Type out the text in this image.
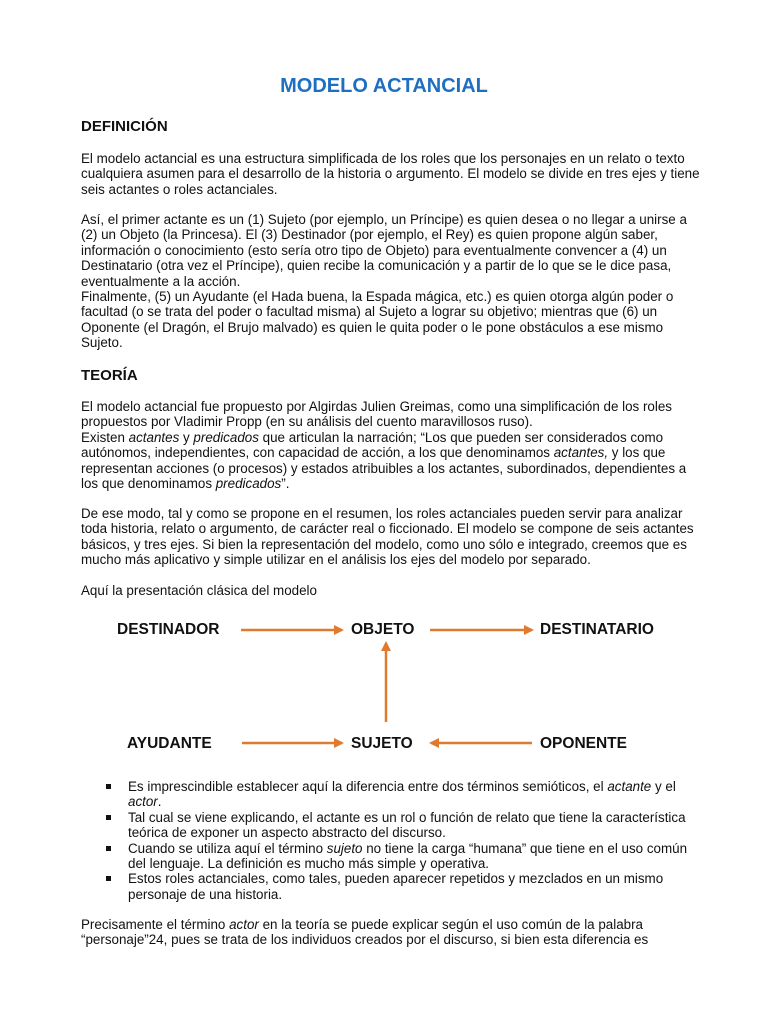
MODELO ACTANCIAL
DEFINICIÓN

El modelo actancial es una estructura simplificada de los roles que los personajes en un relato o texto cualquiera asumen para el desarrollo de la historia o argumento. El modelo se divide en tres ejes y tiene seis actantes o roles actanciales.

Así, el primer actante es un (1) Sujeto (por ejemplo, un Príncipe) es quien desea o no llegar a unirse a (2) un Objeto (la Princesa). El (3) Destinador (por ejemplo, el Rey) es quien propone algún saber, información o conocimiento (esto sería otro tipo de Objeto) para eventualmente convencer a (4) un Destinatario (otra vez el Príncipe), quien recibe la comunicación y a partir de lo que se le dice pasa, eventualmente a la acción.

Finalmente, (5) un Ayudante (el Hada buena, la Espada mágica, etc.) es quien otorga algún poder o facultad (o se trata del poder o facultad misma) al Sujeto a lograr su objetivo; mientras que (6) un Oponente (el Dragón, el Brujo malvado) es quien le quita poder o le pone obstáculos a ese mismo Sujeto.

TEORÍA

El modelo actancial fue propuesto por Algirdas Julien Greimas, como una simplificación de los roles propuestos por Vladimir Propp (en su análisis del cuento maravillosos ruso).

Existen actantes y predicados que articulan la narración; “Los que pueden ser considerados como autónomos, independientes, con capacidad de acción, a los que denominamos actantes, y los que representan acciones (o procesos) y estados atribuibles a los actantes, subordinados, dependientes a los que denominamos predicados”.

De ese modo, tal y como se propone en el resumen, los roles actanciales pueden servir para analizar toda historia, relato o argumento, de carácter real o ficcionado. El modelo se compone de seis actantes básicos, y tres ejes. Si bien la representación del modelo, como uno sólo e integrado, creemos que es mucho más aplicativo y simple utilizar en el análisis los ejes del modelo por separado.

Aquí la presentación clásica del modelo

DESTINADOR	OBJETO	DESTINATARIO
AYUDANTE	SUJETO	OPONENTE
Es imprescindible establecer aquí la diferencia entre dos términos semióticos, el actante y el actor.
Tal cual se viene explicando, el actante es un rol o función de relato que tiene la característica teórica de exponer un aspecto abstracto del discurso.
Cuando se utiliza aquí el término sujeto no tiene la carga “humana” que tiene en el uso común del lenguaje. La definición es mucho más simple y operativa.
Estos roles actanciales, como tales, pueden aparecer repetidos y mezclados en un mismo personaje de una historia.

Precisamente el término actor en la teoría se puede explicar según el uso común de la palabra “personaje”24, pues se trata de los individuos creados por el discurso, si bien esta diferencia es
